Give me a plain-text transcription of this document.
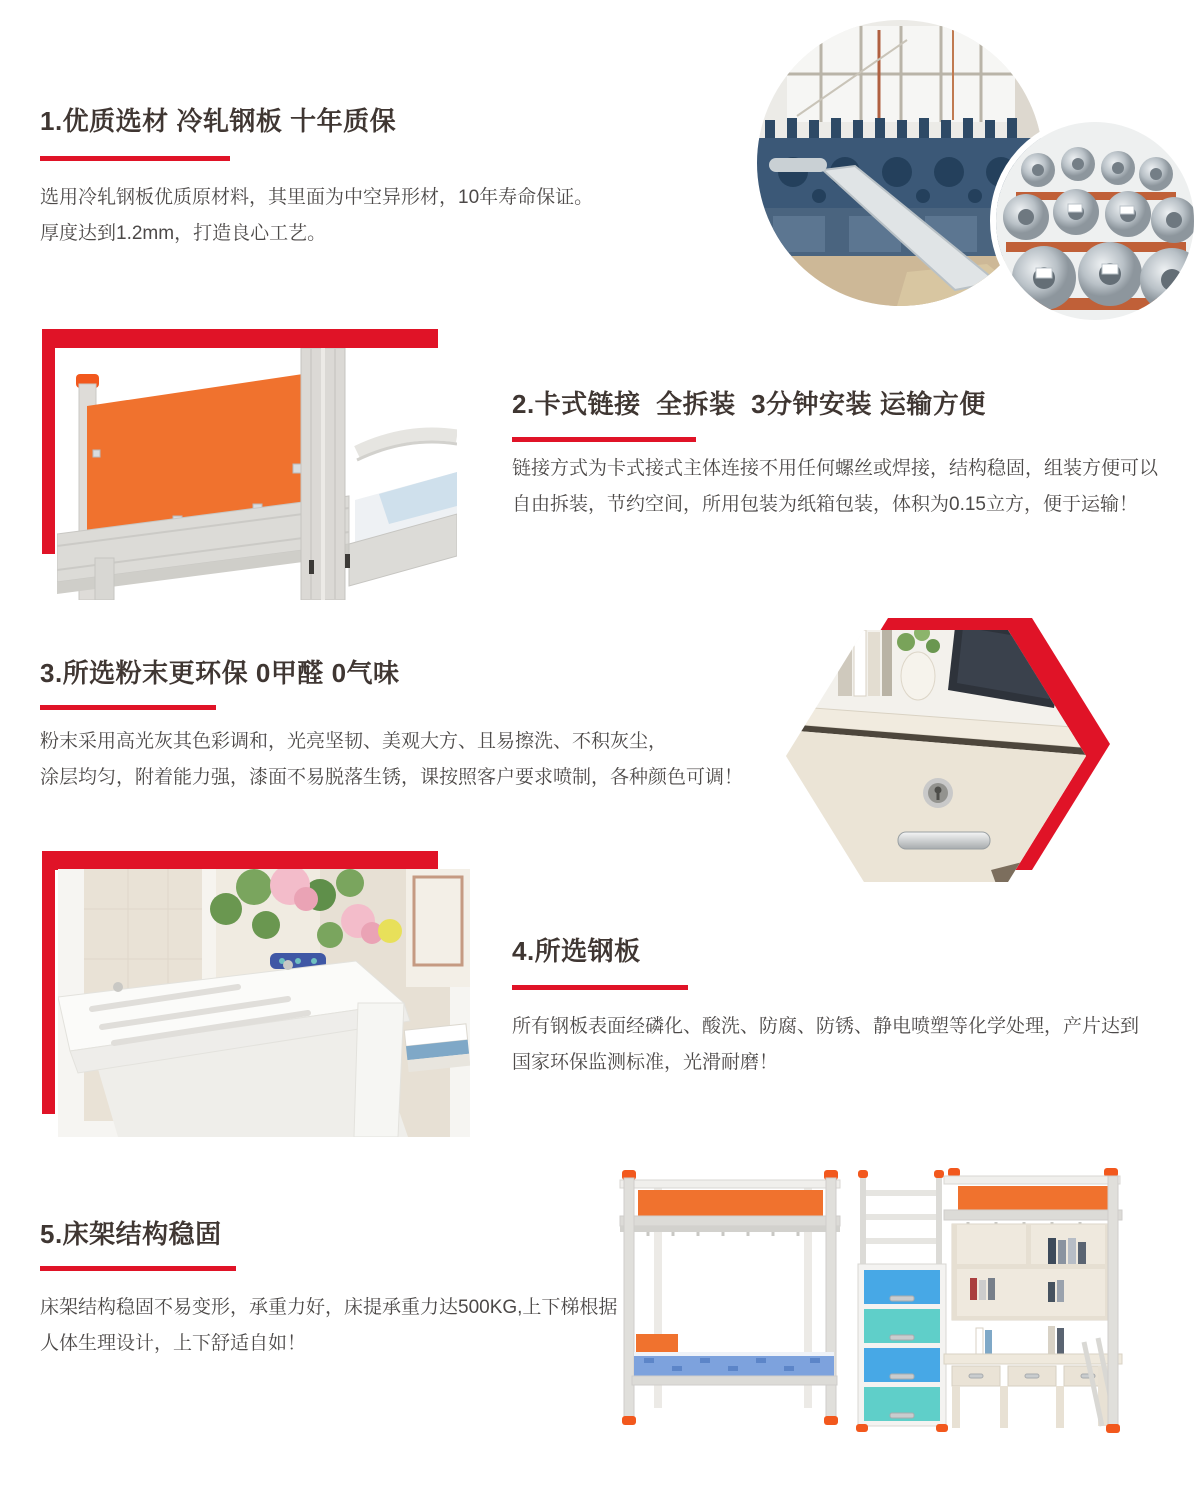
1.优质选材 冷轧钢板 十年质保
选用冷轧钢板优质原材料，其里面为中空异形材，10年寿命保证。
厚度达到1.2mm，打造良心工艺。
2.卡式链接  全拆装  3分钟安装 运输方便
链接方式为卡式接式主体连接不用任何螺丝或焊接，结构稳固，组装方便可以
自由拆装，节约空间，所用包装为纸箱包装，体积为0.15立方，便于运输！
3.所选粉末更环保 0甲醛 0气味
粉末采用高光灰其色彩调和，光亮坚韧、美观大方、且易擦洗、不积灰尘，
涂层均匀，附着能力强，漆面不易脱落生锈，课按照客户要求喷制，各种颜色可调！
4.所选钢板
所有钢板表面经磷化、酸洗、防腐、防锈、静电喷塑等化学处理，产片达到
国家环保监测标准，光滑耐磨！
5.床架结构稳固
床架结构稳固不易变形，承重力好，床提承重力达500KG,上下梯根据
人体生理设计，上下舒适自如！
